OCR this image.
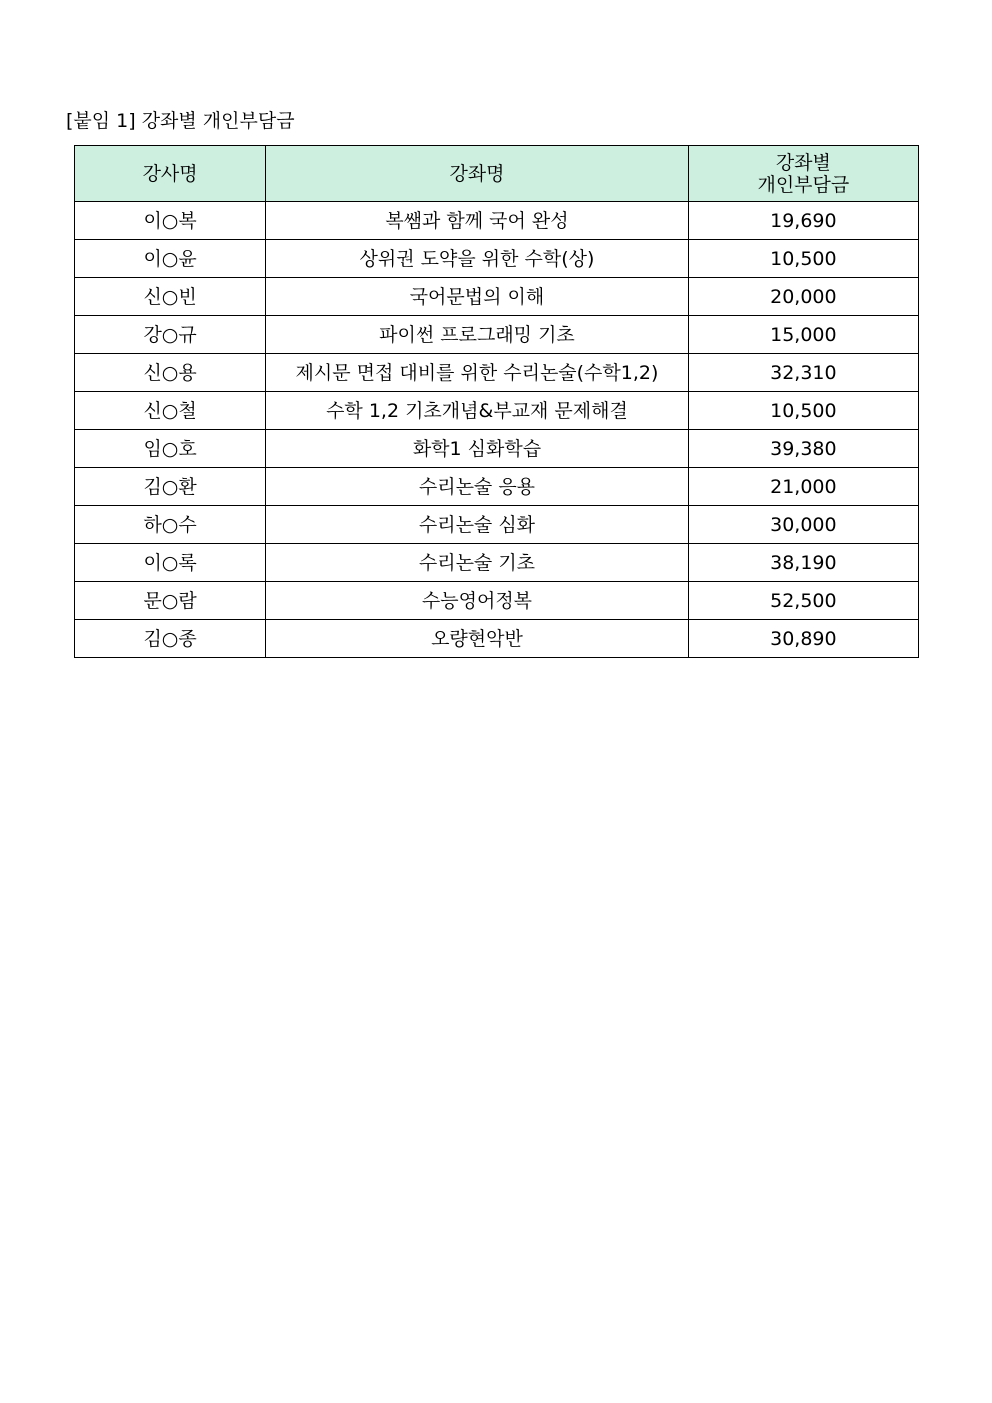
[붙임 1] 강좌별 개인부담금
강사명	강좌명	강좌별
개인부담금

이○복	복쌤과 함께 국어 완성	19,690
이○윤	상위권 도약을 위한 수학(상)	10,500
신○빈	국어문법의 이해	20,000
강○규	파이썬 프로그래밍 기초	15,000
신○용	제시문 면접 대비를 위한 수리논술(수학1,2)	32,310
신○철	수학 1,2 기초개념&부교재 문제해결	10,500
임○호	화학1 심화학습	39,380
김○환	수리논술 응용	21,000
하○수	수리논술 심화	30,000
이○록	수리논술 기초	38,190
문○람	수능영어정복	52,500
김○종	오량현악반	30,890
